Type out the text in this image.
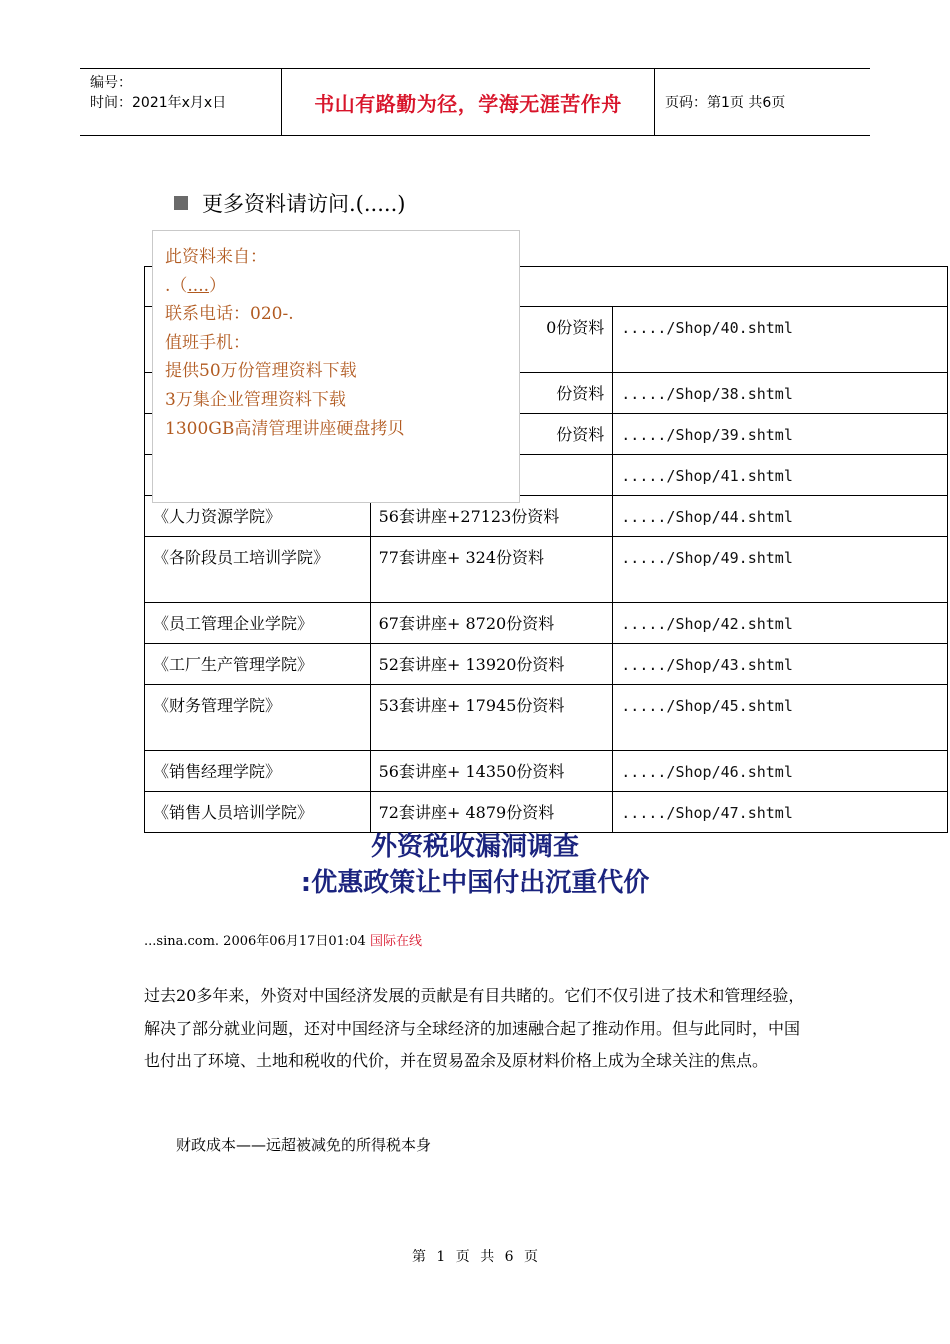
编号：
时间：2021年x月x日	书山有路勤为径，学海无涯苦作舟	页码：第1页 共6页
更多资料请访问.(.....)

	0份资料	...../Shop/40.shtml
	份资料	...../Shop/38.shtml
	份资料	...../Shop/39.shtml
		...../Shop/41.shtml
《人力资源学院》	56套讲座+27123份资料	...../Shop/44.shtml
《各阶段员工培训学院》	77套讲座+ 324份资料	...../Shop/49.shtml
《员工管理企业学院》	67套讲座+ 8720份资料	...../Shop/42.shtml
《工厂生产管理学院》	52套讲座+ 13920份资料	...../Shop/43.shtml
《财务管理学院》	53套讲座+ 17945份资料	...../Shop/45.shtml
《销售经理学院》	56套讲座+ 14350份资料	...../Shop/46.shtml
《销售人员培训学院》	72套讲座+ 4879份资料	...../Shop/47.shtml
此资料来自：
.（....）
联系电话：020-.
值班手机：
提供50万份管理资料下载
3万集企业管理资料下载
1300GB高清管理讲座硬盘拷贝
外资税收漏洞调查
:优惠政策让中国付出沉重代价
...sina.com. 2006年06月17日01:04 国际在线
过去20多年来，外资对中国经济发展的贡献是有目共睹的。它们不仅引进了技术和管理经验，解决了部分就业问题，还对中国经济与全球经济的加速融合起了推动作用。但与此同时，中国也付出了环境、土地和税收的代价，并在贸易盈余及原材料价格上成为全球关注的焦点。
财政成本——远超被减免的所得税本身
第 1 页 共 6 页
